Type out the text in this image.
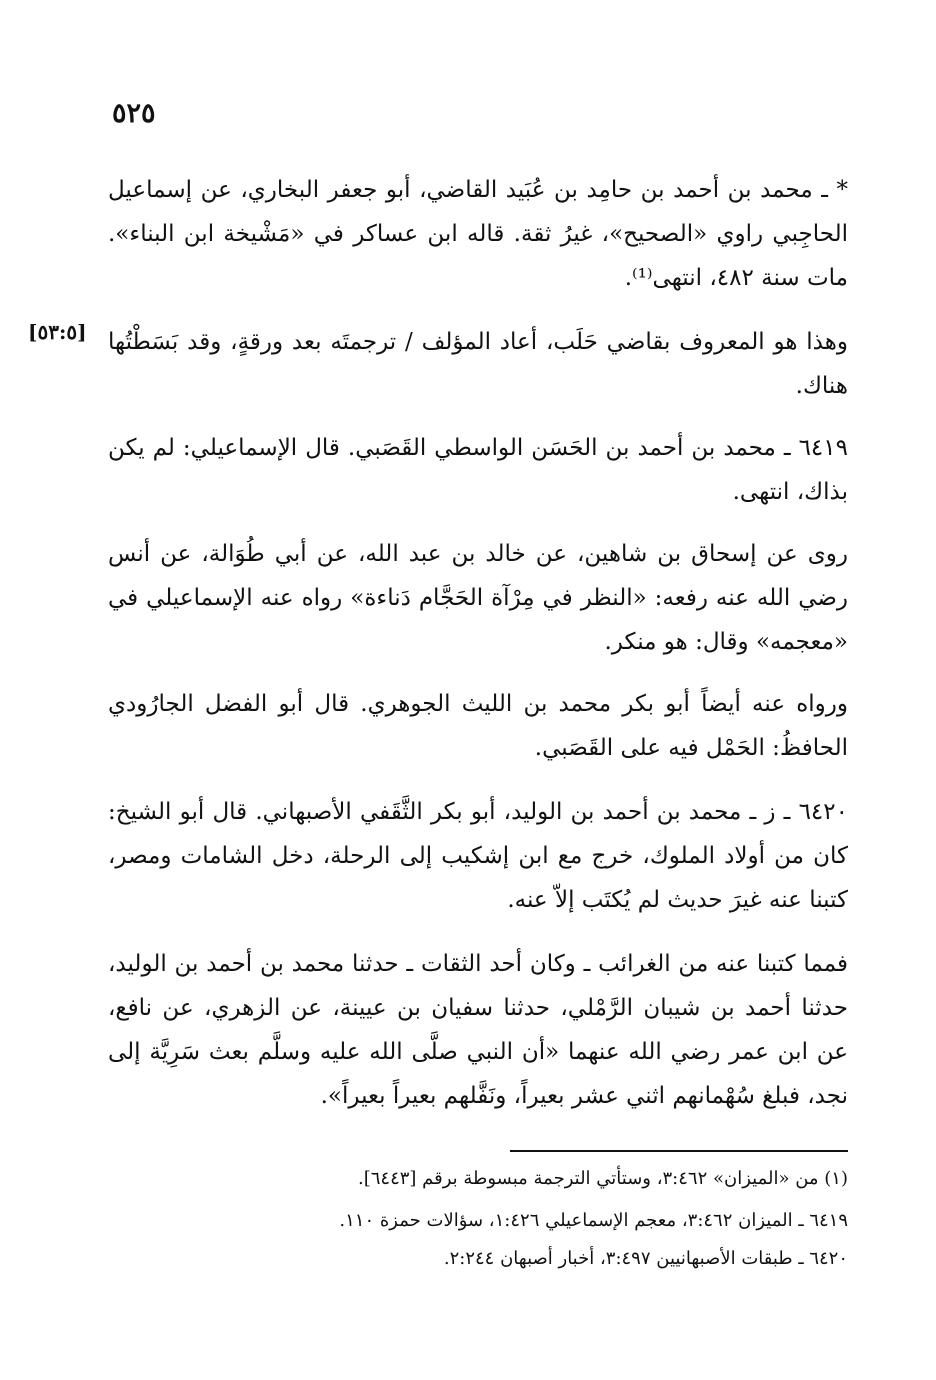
٥٢٥

* ـ محمد بن أحمد بن حامِد بن عُبَيد القاضي، أبو جعفر البخاري، عن إسماعيل الحاجِبي راوي «الصحيح»، غيرُ ثقة. قاله ابن عساكر في «مَشْيخة ابن البناء». مات سنة ٤٨٢، انتهى⁽¹⁾.

[٥٣:٥] وهذا هو المعروف بقاضي حَلَب، أعاد المؤلف / ترجمتَه بعد ورقةٍ، وقد بَسَطْتُها هناك.

٦٤١٩ ـ محمد بن أحمد بن الحَسَن الواسطي القَصَبي. قال الإسماعيلي: لم يكن بذاك، انتهى.

روى عن إسحاق بن شاهين، عن خالد بن عبد الله، عن أبي طُوَالة، عن أنس رضي الله عنه رفعه: «النظر في مِرْآة الحَجَّام دَناءة» رواه عنه الإسماعيلي في «معجمه» وقال: هو منكر.

ورواه عنه أيضاً أبو بكر محمد بن الليث الجوهري. قال أبو الفضل الجارُودي الحافظُ: الحَمْل فيه على القَصَبي.

٦٤٢٠ ـ ز ـ محمد بن أحمد بن الوليد، أبو بكر الثَّقَفي الأصبهاني. قال أبو الشيخ: كان من أولاد الملوك، خرج مع ابن إشكيب إلى الرحلة، دخل الشامات ومصر، كتبنا عنه غيرَ حديث لم يُكتَب إلاّ عنه.

فمما كتبنا عنه من الغرائب ـ وكان أحد الثقات ـ حدثنا محمد بن أحمد بن الوليد، حدثنا أحمد بن شيبان الرَّمْلي، حدثنا سفيان بن عيينة، عن الزهري، عن نافع، عن ابن عمر رضي الله عنهما «أن النبي صلَّى الله عليه وسلَّم بعث سَرِيَّة إلى نجد، فبلغ سُهْمانهم اثني عشر بعيراً، ونَفَّلهم بعيراً بعيراً».

(١) من «الميزان» ٣:٤٦٢، وستأتي الترجمة مبسوطة برقم [٦٤٤٣].

٦٤١٩ ـ الميزان ٣:٤٦٢، معجم الإسماعيلي ١:٤٢٦، سؤالات حمزة ١١٠.

٦٤٢٠ ـ طبقات الأصبهانيين ٣:٤٩٧، أخبار أصبهان ٢:٢٤٤.
